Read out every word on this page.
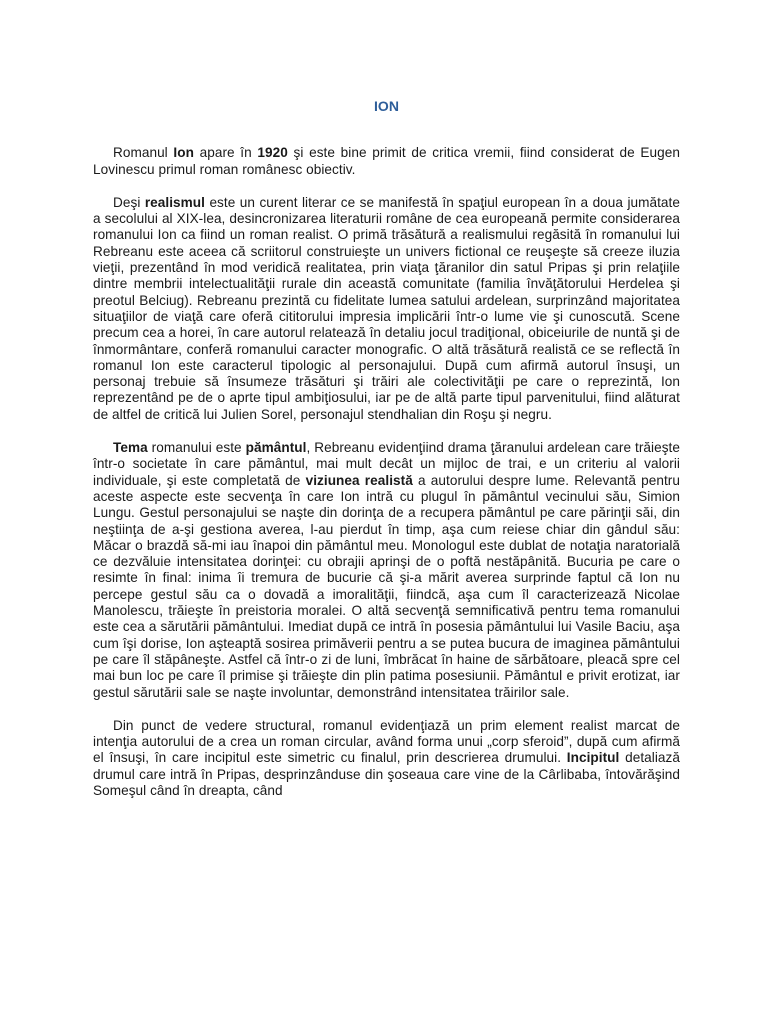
ION

Romanul Ion apare în 1920 şi este bine primit de critica vremii, fiind considerat de Eugen Lovinescu primul roman românesc obiectiv.

Deşi realismul este un curent literar ce se manifestă în spaţiul european în a doua jumătate a secolului al XIX-lea, desincronizarea literaturii române de cea europeană permite considerarea romanului Ion ca fiind un roman realist. O primă trăsătură a realismului regăsită în romanului lui Rebreanu este aceea că scriitorul construieşte un univers fictional ce reuşeşte să creeze iluzia vieţii, prezentând în mod veridică realitatea, prin viaţa ţăranilor din satul Pripas şi prin relaţiile dintre membrii intelectualităţii rurale din această comunitate (familia învăţătorului Herdelea şi preotul Belciug). Rebreanu prezintă cu fidelitate lumea satului ardelean, surprinzând majoritatea situaţiilor de viaţă care oferă cititorului impresia implicării într-o lume vie şi cunoscută. Scene precum cea a horei, în care autorul relatează în detaliu jocul tradiţional, obiceiurile de nuntă şi de înmormântare, conferă romanului caracter monografic. O altă trăsătură realistă ce se reflectă în romanul Ion este caracterul tipologic al personajului. După cum afirmă autorul însuşi, un personaj trebuie să însumeze trăsături şi trăiri ale colectivităţii pe care o reprezintă, Ion reprezentând pe de o aprte tipul ambiţiosului, iar pe de altă parte tipul parvenitului, fiind alăturat de altfel de critică lui Julien Sorel, personajul stendhalian din Roşu şi negru.

Tema romanului este pământul, Rebreanu evidenţiind drama ţăranului ardelean care trăieşte într-o societate în care pământul, mai mult decât un mijloc de trai, e un criteriu al valorii individuale, şi este completată de viziunea realistă a autorului despre lume. Relevantă pentru aceste aspecte este secvenţa în care Ion intră cu plugul în pământul vecinului său, Simion Lungu. Gestul personajului se naşte din dorinţa de a recupera pământul pe care părinţii săi, din neştiinţa de a-şi gestiona averea, l-au pierdut în timp, aşa cum reiese chiar din gândul său: Măcar o brazdă să-mi iau înapoi din pământul meu. Monologul este dublat de notaţia naratorială ce dezvăluie intensitatea dorinţei: cu obrajii aprinşi de o poftă nestăpânită. Bucuria pe care o resimte în final: inima îi tremura de bucurie că şi-a mărit averea surprinde faptul că Ion nu percepe gestul său ca o dovadă a imoralităţii, fiindcă, aşa cum îl caracterizează Nicolae Manolescu, trăieşte în preistoria moralei. O altă secvenţă semnificativă pentru tema romanului este cea a sărutării pământului. Imediat după ce intră în posesia pământului lui Vasile Baciu, aşa cum îşi dorise, Ion aşteaptă sosirea primăverii pentru a se putea bucura de imaginea pământului pe care îl stăpâneşte. Astfel că într-o zi de luni, îmbrăcat în haine de sărbătoare, pleacă spre cel mai bun loc pe care îl primise şi trăieşte din plin patima posesiunii. Pământul e privit erotizat, iar gestul sărutării sale se naşte involuntar, demonstrând intensitatea trăirilor sale.

Din punct de vedere structural, romanul evidenţiază un prim element realist marcat de intenţia autorului de a crea un roman circular, având forma unui „corp sferoid”, după cum afirmă el însuşi, în care incipitul este simetric cu finalul, prin descrierea drumului. Incipitul detaliază drumul care intră în Pripas, desprinzânduse din şoseaua care vine de la Cârlibaba, întovărăşind Someşul când în dreapta, când
